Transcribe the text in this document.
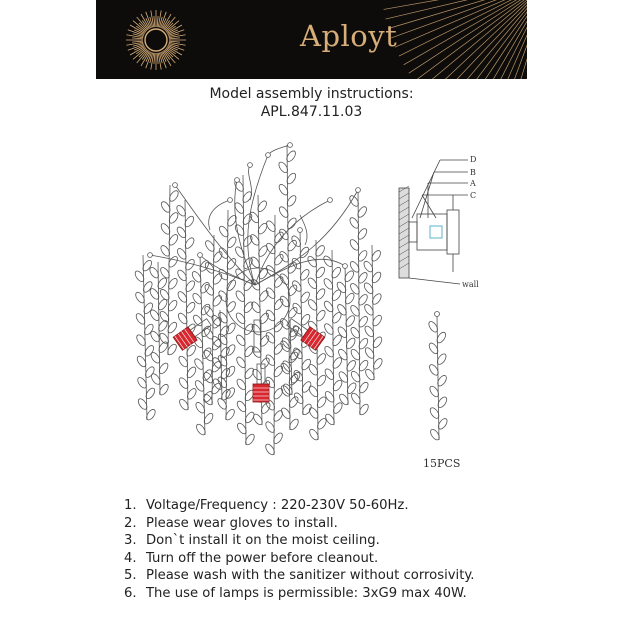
Aployt
Model assembly instructions:
APL.847.11.03
D
B
A
C
wall
15PCS
1. Voltage/Frequency : 220-230V 50-60Hz.
2. Please wear gloves to install.
3. Don`t install it on the moist ceiling.
4. Turn off the power before cleanout.
5. Please wash with the sanitizer without corrosivity.
6. The use of lamps is permissible: 3xG9 max 40W.
